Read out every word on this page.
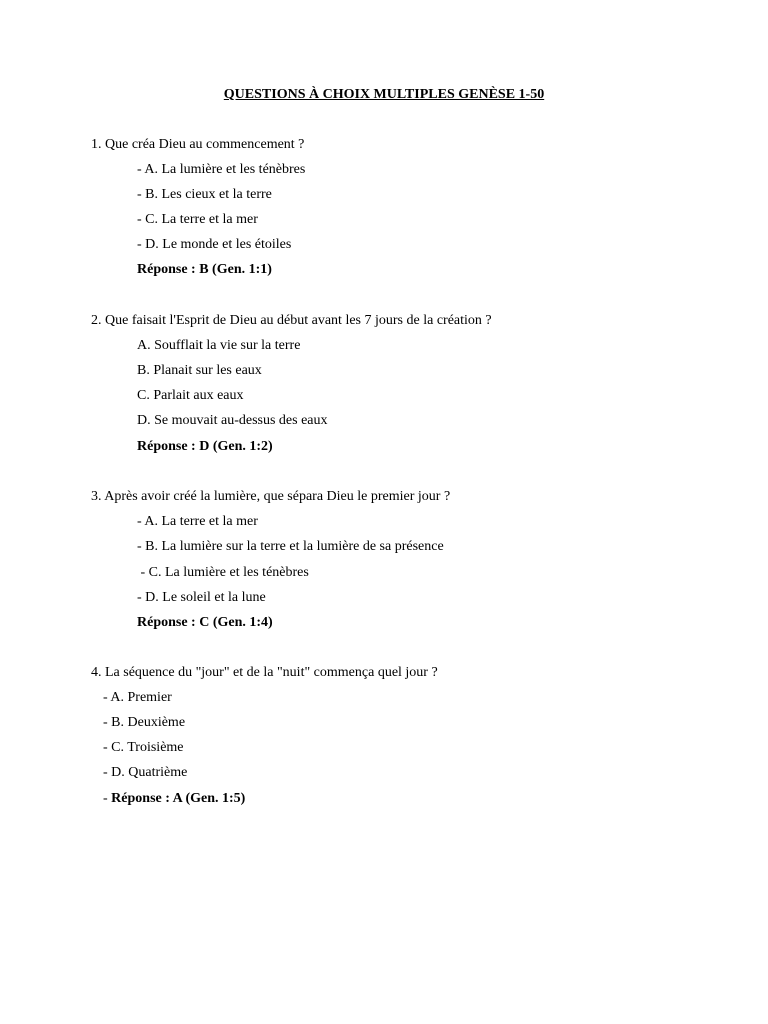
QUESTIONS À CHOIX MULTIPLES GENÈSE 1-50
1. Que créa Dieu au commencement ?
- A. La lumière et les ténèbres
- B. Les cieux et la terre
- C. La terre et la mer
- D. Le monde et les étoiles
Réponse : B (Gen. 1:1)
2. Que faisait l'Esprit de Dieu au début avant les 7 jours de la création ?
A. Soufflait la vie sur la terre
B. Planait sur les eaux
C. Parlait aux eaux
D. Se mouvait au-dessus des eaux
Réponse : D (Gen. 1:2)
3. Après avoir créé la lumière, que sépara Dieu le premier jour ?
- A. La terre et la mer
- B. La lumière sur la terre et la lumière de sa présence
- C. La lumière et les ténèbres
- D. Le soleil et la lune
Réponse : C (Gen. 1:4)
4. La séquence du "jour" et de la "nuit" commença quel jour ?
- A. Premier
- B. Deuxième
- C. Troisième
- D. Quatrième
- Réponse : A (Gen. 1:5)
